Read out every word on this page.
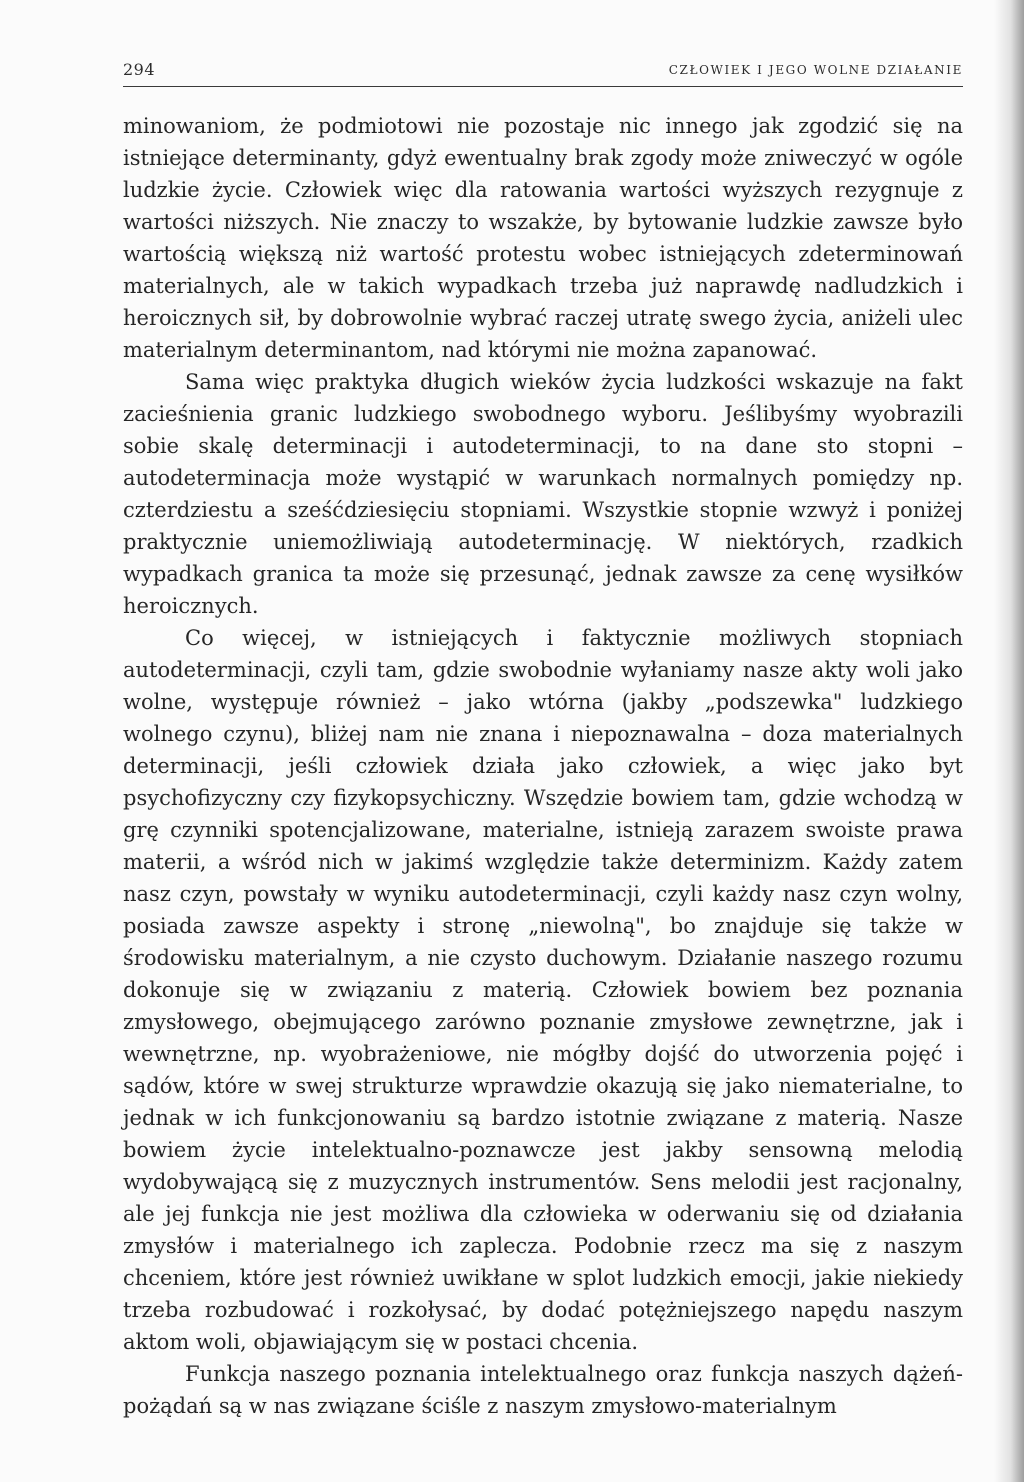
294	CZŁOWIEK I JEGO WOLNE DZIAŁANIE

minowaniom, że podmiotowi nie pozostaje nic innego jak zgodzić się na istniejące determinanty, gdyż ewentualny brak zgody może zniweczyć w ogóle ludzkie życie. Człowiek więc dla ratowania wartości wyższych rezygnuje z wartości niższych. Nie znaczy to wszakże, by bytowanie ludzkie zawsze było wartością większą niż wartość protestu wobec istniejących zdeterminowań materialnych, ale w takich wypadkach trzeba już naprawdę nadludzkich i heroicznych sił, by dobrowolnie wybrać raczej utratę swego życia, aniżeli ulec materialnym determinantom, nad którymi nie można zapanować.

Sama więc praktyka długich wieków życia ludzkości wskazuje na fakt zacieśnienia granic ludzkiego swobodnego wyboru. Jeślibyśmy wyobrazili sobie skalę determinacji i autodeterminacji, to na dane sto stopni – autodeterminacja może wystąpić w warunkach normalnych pomiędzy np. czterdziestu a sześćdziesięciu stopniami. Wszystkie stopnie wzwyż i poniżej praktycznie uniemożliwiają autodeterminację. W niektórych, rzadkich wypadkach granica ta może się przesunąć, jednak zawsze za cenę wysiłków heroicznych.

Co więcej, w istniejących i faktycznie możliwych stopniach autodeterminacji, czyli tam, gdzie swobodnie wyłaniamy nasze akty woli jako wolne, występuje również – jako wtórna (jakby „podszewka" ludzkiego wolnego czynu), bliżej nam nie znana i niepoznawalna – doza materialnych determinacji, jeśli człowiek działa jako człowiek, a więc jako byt psychofizyczny czy fizykopsychiczny. Wszędzie bowiem tam, gdzie wchodzą w grę czynniki spotencjalizowane, materialne, istnieją zarazem swoiste prawa materii, a wśród nich w jakimś względzie także determinizm. Każdy zatem nasz czyn, powstały w wyniku autodeterminacji, czyli każdy nasz czyn wolny, posiada zawsze aspekty i stronę „niewolną", bo znajduje się także w środowisku materialnym, a nie czysto duchowym. Działanie naszego rozumu dokonuje się w związaniu z materią. Człowiek bowiem bez poznania zmysłowego, obejmującego zarówno poznanie zmysłowe zewnętrzne, jak i wewnętrzne, np. wyobrażeniowe, nie mógłby dojść do utworzenia pojęć i sądów, które w swej strukturze wprawdzie okazują się jako niematerialne, to jednak w ich funkcjonowaniu są bardzo istotnie związane z materią. Nasze bowiem życie intelektualno-poznawcze jest jakby sensowną melodią wydobywającą się z muzycznych instrumentów. Sens melodii jest racjonalny, ale jej funkcja nie jest możliwa dla człowieka w oderwaniu się od działania zmysłów i materialnego ich zaplecza. Podobnie rzecz ma się z naszym chceniem, które jest również uwikłane w splot ludzkich emocji, jakie niekiedy trzeba rozbudować i rozkołysać, by dodać potężniejszego napędu naszym aktom woli, objawiającym się w postaci chcenia.

Funkcja naszego poznania intelektualnego oraz funkcja naszych dążeń-pożądań są w nas związane ściśle z naszym zmysłowo-materialnym
